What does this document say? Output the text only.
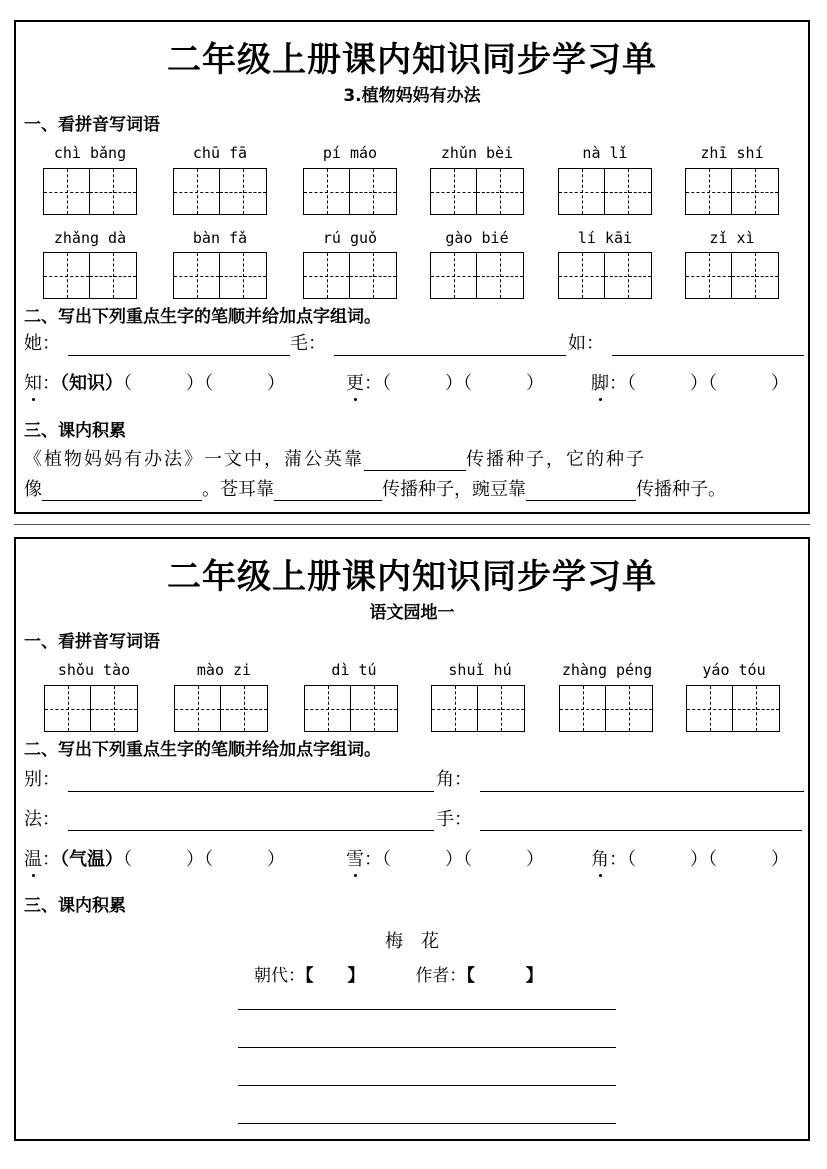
二年级上册课内知识同步学习单
3.植物妈妈有办法
一、看拼音写词语
chì bǎng	chū fā	pí máo	zhǔn bèi	nà lǐ	zhī shí
zhǎng dà	bàn fǎ	rú guǒ	gào bié	lí kāi	zǐ xì
二、写出下列重点生字的笔顺并给加点字组词。
她：	毛：	如：
知：（知识）（　　　）（　　　）	更：（　　　）（　　　）	脚：（　　　）（　　　）
三、课内积累
《植物妈妈有办法》一文中，蒲公英靠	传播种子，它的种子
像	。苍耳靠	传播种子，豌豆靠	传播种子。
二年级上册课内知识同步学习单
语文园地一
一、看拼音写词语
shǒu tào	mào zi	dì tú	shuǐ hú	zhàng péng	yáo tóu
二、写出下列重点生字的笔顺并给加点字组词。
别：	角：
法：	手：
温：（气温）（　　　）（　　　）	雪：（　　　）（　　　）	角：（　　　）（　　　）
三、课内积累
梅　花
朝代：【　　】	作者：【　　　】
